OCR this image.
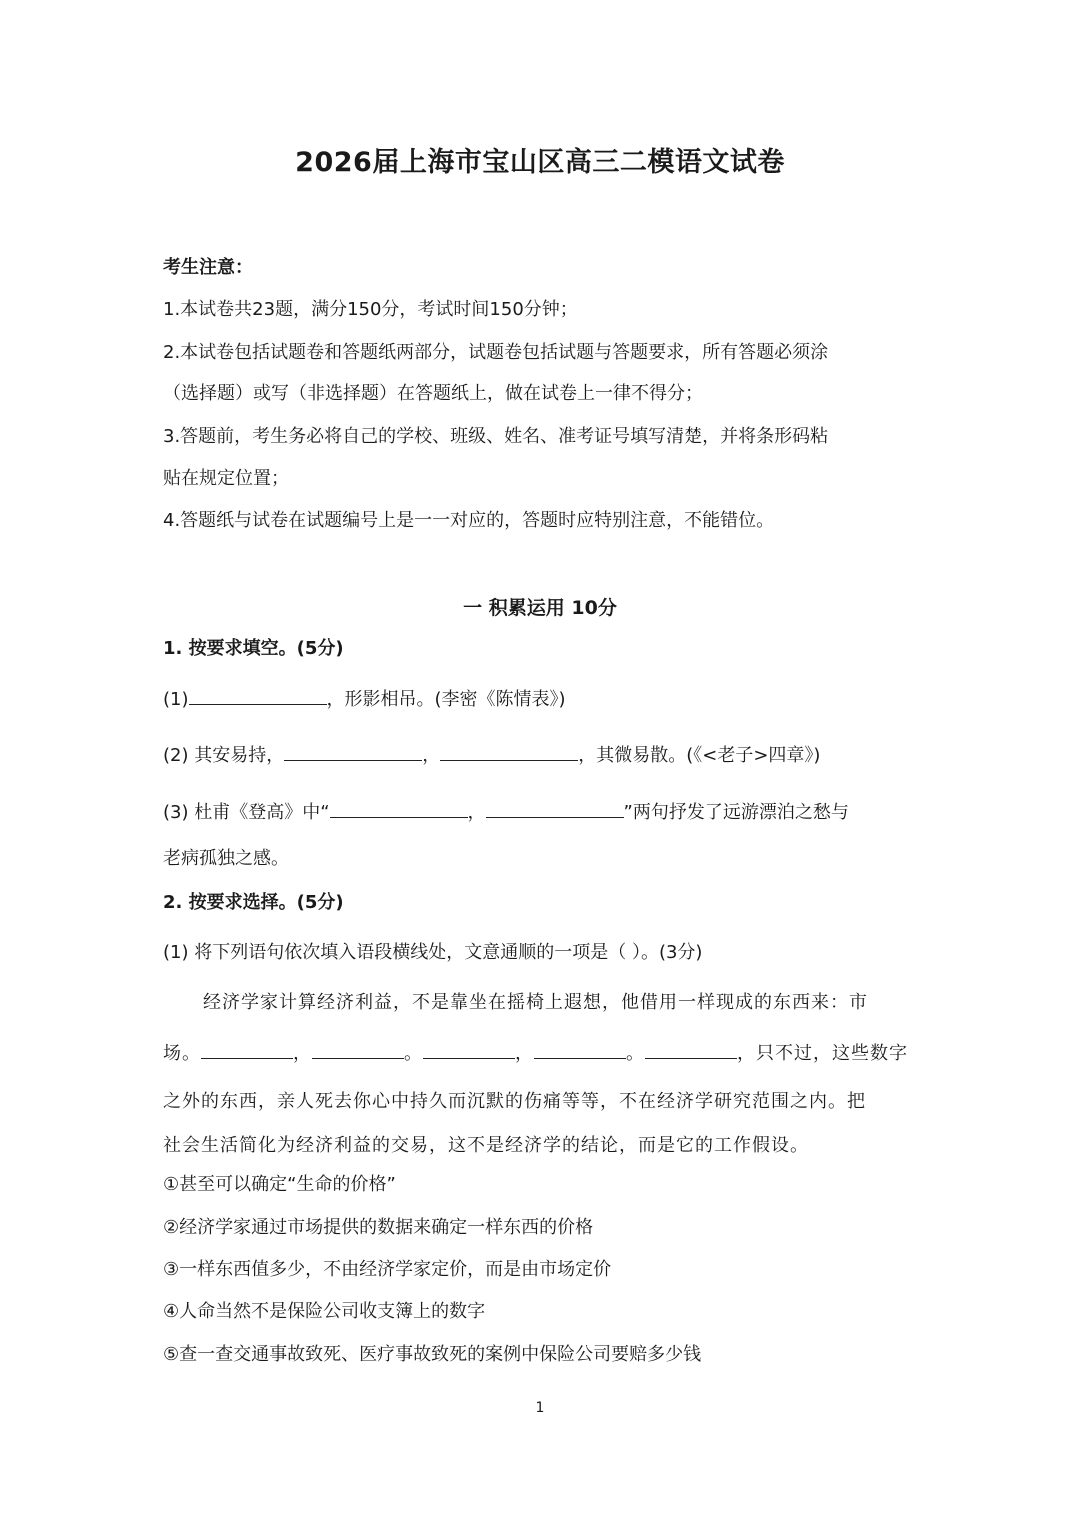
2026届上海市宝山区高三二模语文试卷
考生注意：
1.本试卷共23题，满分150分，考试时间150分钟；
2.本试卷包括试题卷和答题纸两部分，试题卷包括试题与答题要求，所有答题必须涂
（选择题）或写（非选择题）在答题纸上，做在试卷上一律不得分；
3.答题前，考生务必将自己的学校、班级、姓名、准考证号填写清楚，并将条形码粘
贴在规定位置；
4.答题纸与试卷在试题编号上是一一对应的，答题时应特别注意，不能错位。
一 积累运用 10分
1. 按要求填空。(5分)
(1)	，形影相吊。(李密《陈情表》)
(2) 其安易持，	，	，其微易散。(《<老子>四章》)
(3) 杜甫《登高》中“	，	”两句抒发了远游漂泊之愁与
老病孤独之感。
2. 按要求选择。(5分)
(1) 将下列语句依次填入语段横线处，文意通顺的一项是（ ）。(3分)
经济学家计算经济利益，不是靠坐在摇椅上遐想，他借用一样现成的东西来：市
场。	，	。	，	。	，只不过，这些数字
之外的东西，亲人死去你心中持久而沉默的伤痛等等，不在经济学研究范围之内。把
社会生活简化为经济利益的交易，这不是经济学的结论，而是它的工作假设。
①甚至可以确定“生命的价格”
②经济学家通过市场提供的数据来确定一样东西的价格
③一样东西值多少，不由经济学家定价，而是由市场定价
④人命当然不是保险公司收支簿上的数字
⑤查一查交通事故致死、医疗事故致死的案例中保险公司要赔多少钱
1
